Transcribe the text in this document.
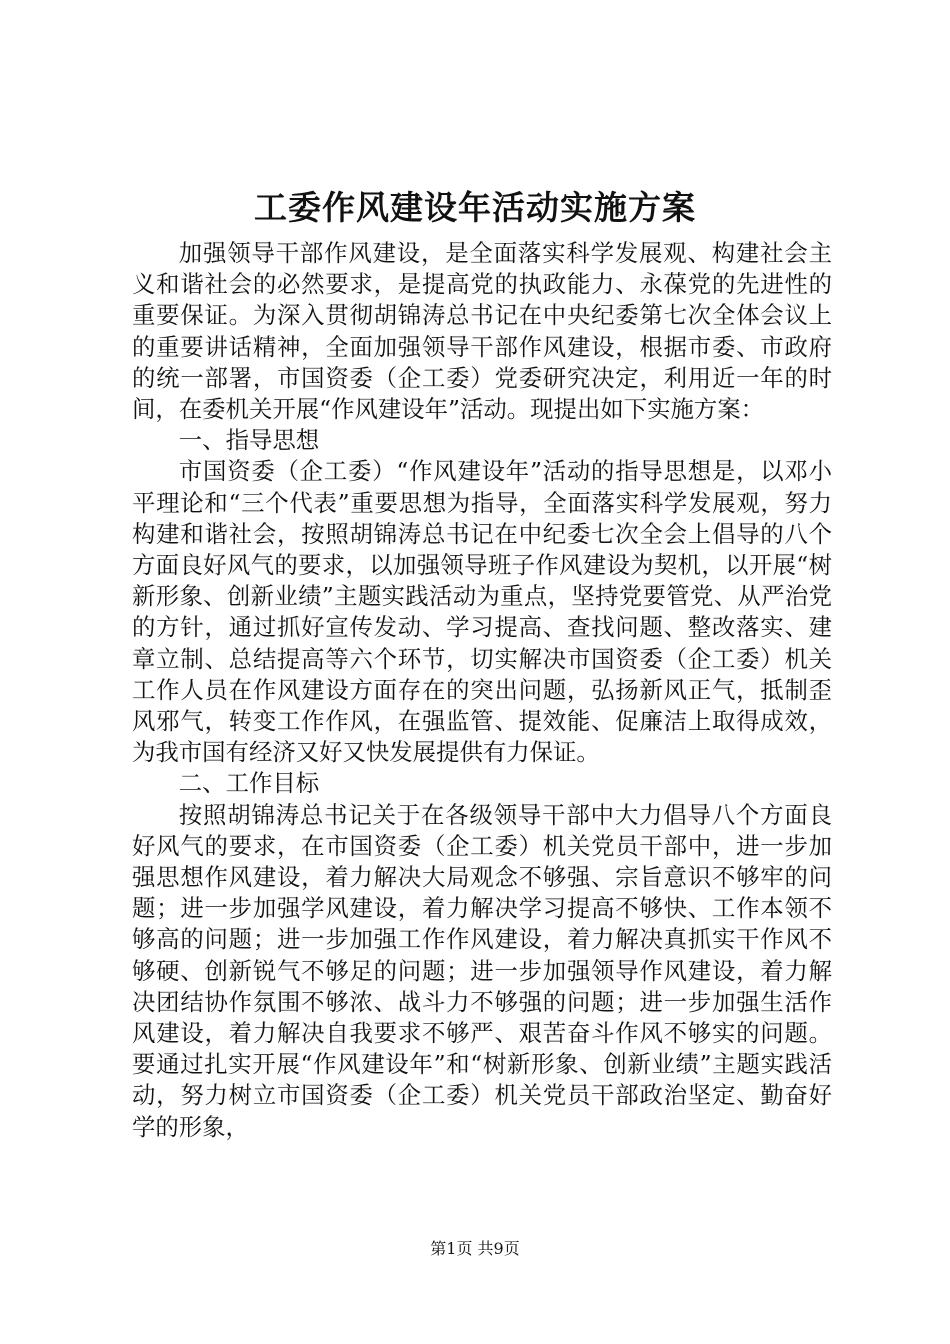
工委作风建设年活动实施方案

加强领导干部作风建设，是全面落实科学发展观、构建社会主义和谐社会的必然要求，是提高党的执政能力、永葆党的先进性的重要保证。为深入贯彻胡锦涛总书记在中央纪委第七次全体会议上的重要讲话精神，全面加强领导干部作风建设，根据市委、市政府的统一部署，市国资委（企工委）党委研究决定，利用近一年的时间，在委机关开展“作风建设年”活动。现提出如下实施方案：

一、指导思想

市国资委（企工委）“作风建设年”活动的指导思想是，以邓小平理论和“三个代表”重要思想为指导，全面落实科学发展观，努力构建和谐社会，按照胡锦涛总书记在中纪委七次全会上倡导的八个方面良好风气的要求，以加强领导班子作风建设为契机，以开展“树新形象、创新业绩”主题实践活动为重点，坚持党要管党、从严治党的方针，通过抓好宣传发动、学习提高、查找问题、整改落实、建章立制、总结提高等六个环节，切实解决市国资委（企工委）机关工作人员在作风建设方面存在的突出问题，弘扬新风正气，抵制歪风邪气，转变工作作风，在强监管、提效能、促廉洁上取得成效，为我市国有经济又好又快发展提供有力保证。

二、工作目标

按照胡锦涛总书记关于在各级领导干部中大力倡导八个方面良好风气的要求，在市国资委（企工委）机关党员干部中，进一步加强思想作风建设，着力解决大局观念不够强、宗旨意识不够牢的问题；进一步加强学风建设，着力解决学习提高不够快、工作本领不够高的问题；进一步加强工作作风建设，着力解决真抓实干作风不够硬、创新锐气不够足的问题；进一步加强领导作风建设，着力解决团结协作氛围不够浓、战斗力不够强的问题；进一步加强生活作风建设，着力解决自我要求不够严、艰苦奋斗作风不够实的问题。要通过扎实开展“作风建设年”和“树新形象、创新业绩”主题实践活动，努力树立市国资委（企工委）机关党员干部政治坚定、勤奋好学的形象，

第1页 共9页
